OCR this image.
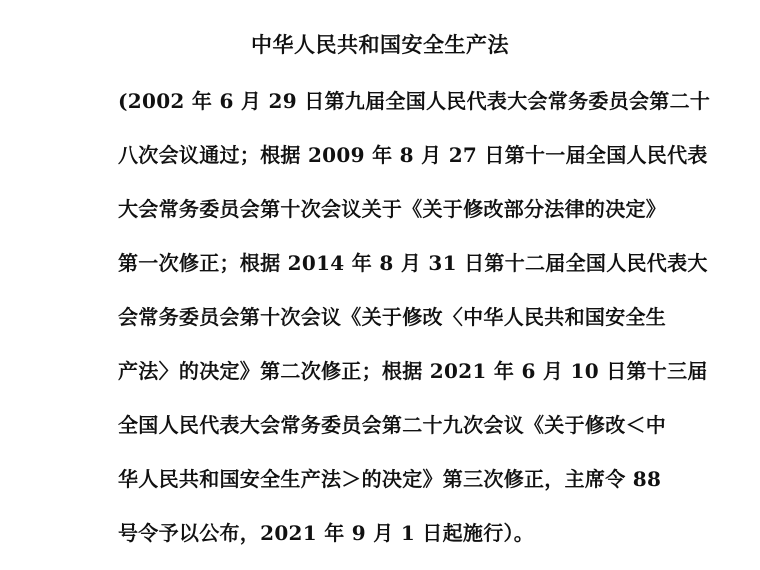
中华人民共和国安全生产法
(2002 年 6 月 29 日第九届全国人民代表大会常务委员会第二十
八次会议通过；根据 2009 年 8 月 27 日第十一届全国人民代表
大会常务委员会第十次会议关于《关于修改部分法律的决定》
第一次修正；根据 2014 年 8 月 31 日第十二届全国人民代表大
会常务委员会第十次会议《关于修改〈中华人民共和国安全生
产法〉的决定》第二次修正；根据 2021 年 6 月 10 日第十三届
全国人民代表大会常务委员会第二十九次会议《关于修改＜中
华人民共和国安全生产法＞的决定》第三次修正，主席令 88
号令予以公布，2021 年 9 月 1 日起施行）。
